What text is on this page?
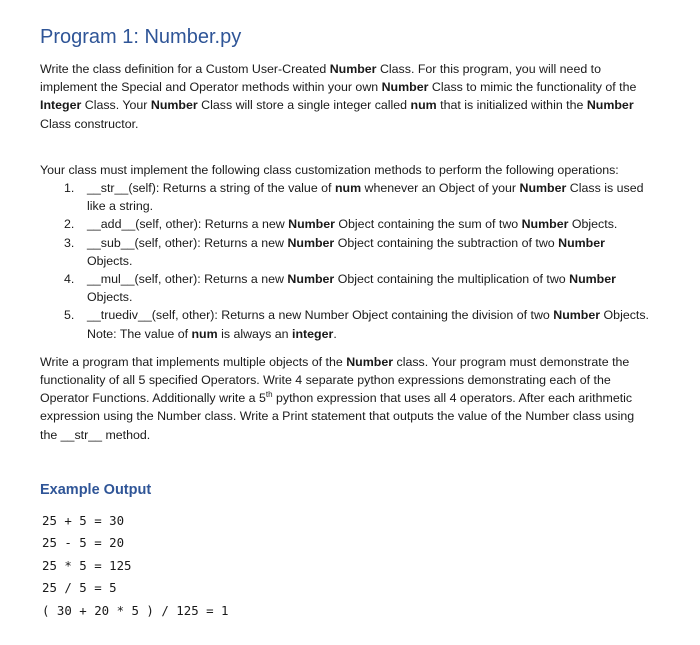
Program 1: Number.py

Write the class definition for a Custom User-Created Number Class. For this program, you will need to implement the Special and Operator methods within your own Number Class to mimic the functionality of the Integer Class. Your Number Class will store a single integer called num that is initialized within the Number Class constructor.

Your class must implement the following class customization methods to perform the following operations:

1. __str__(self): Returns a string of the value of num whenever an Object of your Number Class is used like a string.
2. __add__(self, other): Returns a new Number Object containing the sum of two Number Objects.
3. __sub__(self, other): Returns a new Number Object containing the subtraction of two Number Objects.
4. __mul__(self, other): Returns a new Number Object containing the multiplication of two Number Objects.
5. __truediv__(self, other): Returns a new Number Object containing the division of two Number Objects. Note: The value of num is always an integer.

Write a program that implements multiple objects of the Number class. Your program must demonstrate the functionality of all 5 specified Operators. Write 4 separate python expressions demonstrating each of the Operator Functions. Additionally write a 5th python expression that uses all 4 operators. After each arithmetic expression using the Number class. Write a Print statement that outputs the value of the Number class using the __str__ method.

Example Output
25 + 5 = 30
25 - 5 = 20
25 * 5 = 125
25 / 5 = 5
( 30 + 20 * 5 ) / 125 = 1
